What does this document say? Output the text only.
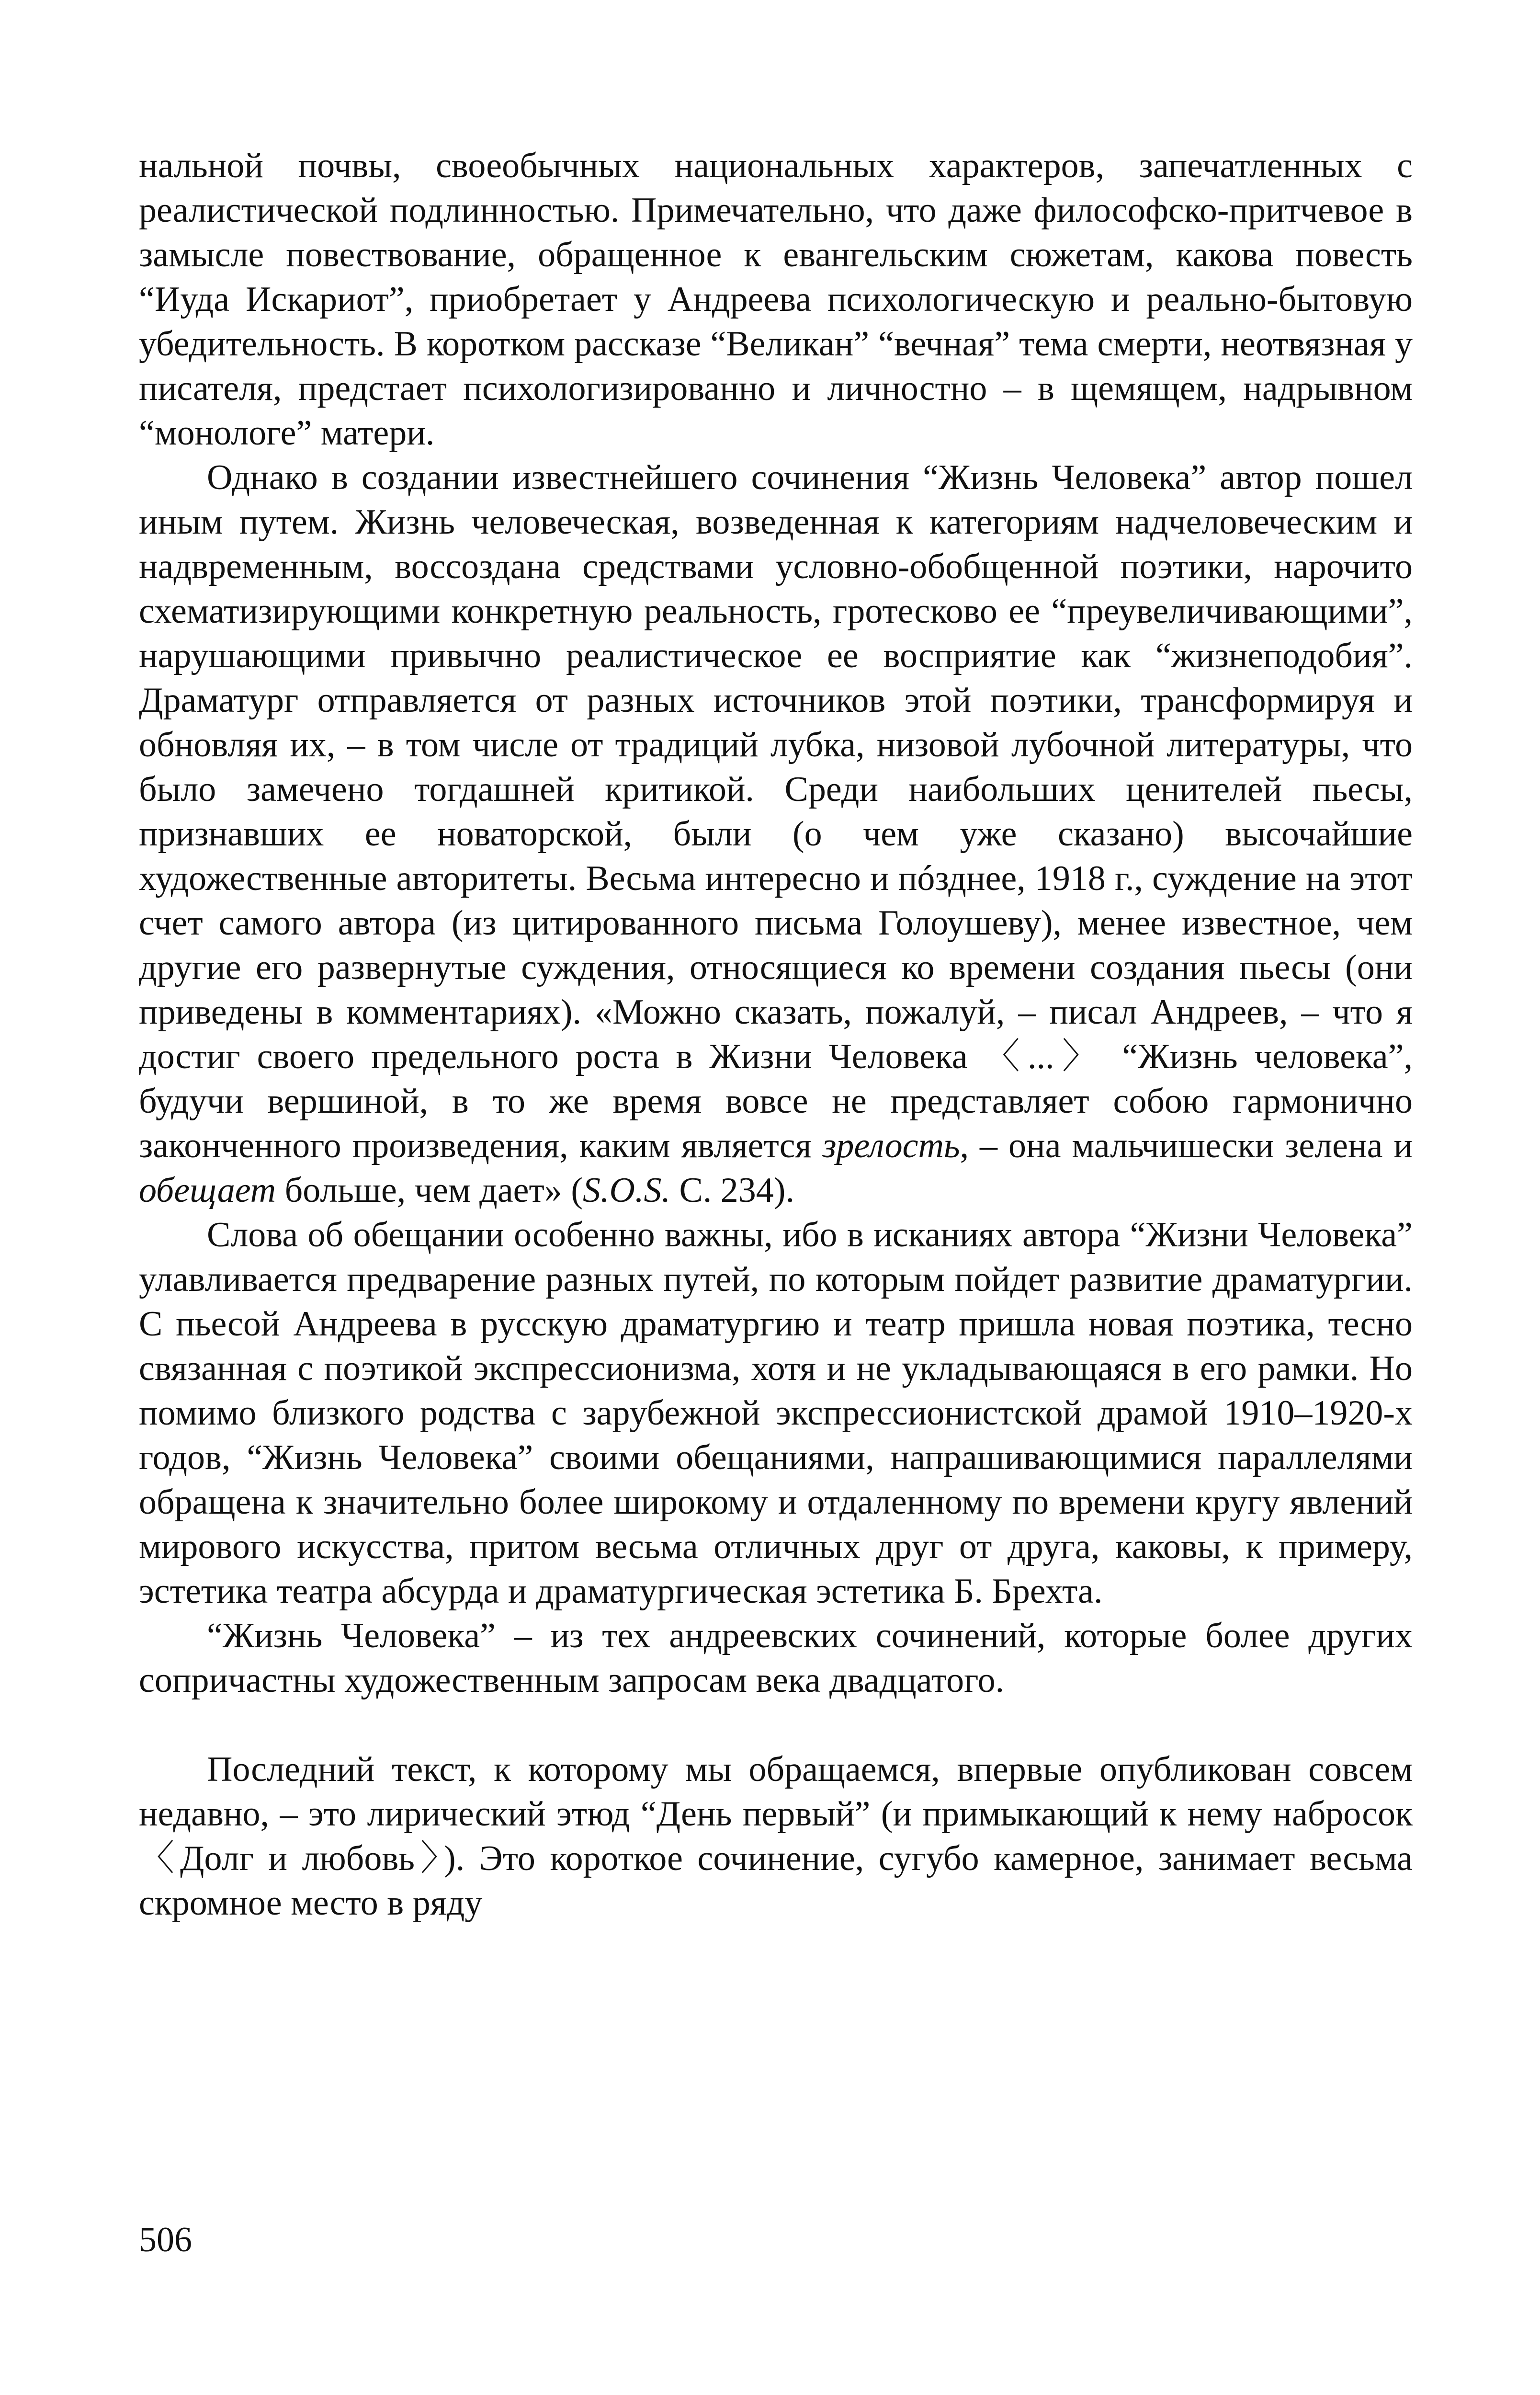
нальной почвы, своеобычных национальных характеров, запечатленных с реалистической подлинностью. Примечательно, что даже философско-притчевое в замысле повествование, обращенное к евангельским сюжетам, какова повесть “Иуда Искариот”, приобретает у Андреева психологическую и реально-бытовую убедительность. В коротком рассказе “Великан” “вечная” тема смерти, неотвязная у писателя, предстает психологизированно и личностно – в щемящем, надрывном “монологе” матери.

Однако в создании известнейшего сочинения “Жизнь Человека” автор пошел иным путем. Жизнь человеческая, возведенная к категориям надчеловеческим и надвременным, воссоздана средствами условно-обобщенной поэтики, нарочито схематизирующими конкретную реальность, гротесково ее “преувеличивающими”, нарушающими привычно реалистическое ее восприятие как “жизнеподобия”. Драматург отправляется от разных источников этой поэтики, трансформируя и обновляя их, – в том числе от традиций лубка, низовой лубочной литературы, что было замечено тогдашней критикой. Среди наибольших ценителей пьесы, признавших ее новаторской, были (о чем уже сказано) высочайшие художественные авторитеты. Весьма интересно и пóзднее, 1918 г., суждение на этот счет самого автора (из цитированного письма Голоушеву), менее известное, чем другие его развернутые суждения, относящиеся ко времени создания пьесы (они приведены в комментариях). «Можно сказать, пожалуй, – писал Андреев, – что я достиг своего предельного роста в Жизни Человека 〈...〉 “Жизнь человека”, будучи вершиной, в то же время вовсе не представляет собою гармонично законченного произведения, каким является зрелость, – она мальчишески зелена и обещает больше, чем дает» (S.O.S. С. 234).

Слова об обещании особенно важны, ибо в исканиях автора “Жизни Человека” улавливается предварение разных путей, по которым пойдет развитие драматургии. С пьесой Андреева в русскую драматургию и театр пришла новая поэтика, тесно связанная с поэтикой экспрессионизма, хотя и не укладывающаяся в его рамки. Но помимо близкого родства с зарубежной экспрессионистской драмой 1910–1920-х годов, “Жизнь Человека” своими обещаниями, напрашивающимися параллелями обращена к значительно более широкому и отдаленному по времени кругу явлений мирового искусства, притом весьма отличных друг от друга, каковы, к примеру, эстетика театра абсурда и драматургическая эстетика Б. Брехта.

“Жизнь Человека” – из тех андреевских сочинений, которые более других сопричастны художественным запросам века двадцатого.

Последний текст, к которому мы обращаемся, впервые опубликован совсем недавно, – это лирический этюд “День первый” (и примыкающий к нему набросок 〈Долг и любовь〉). Это короткое сочинение, сугубо камерное, занимает весьма скромное место в ряду

506
